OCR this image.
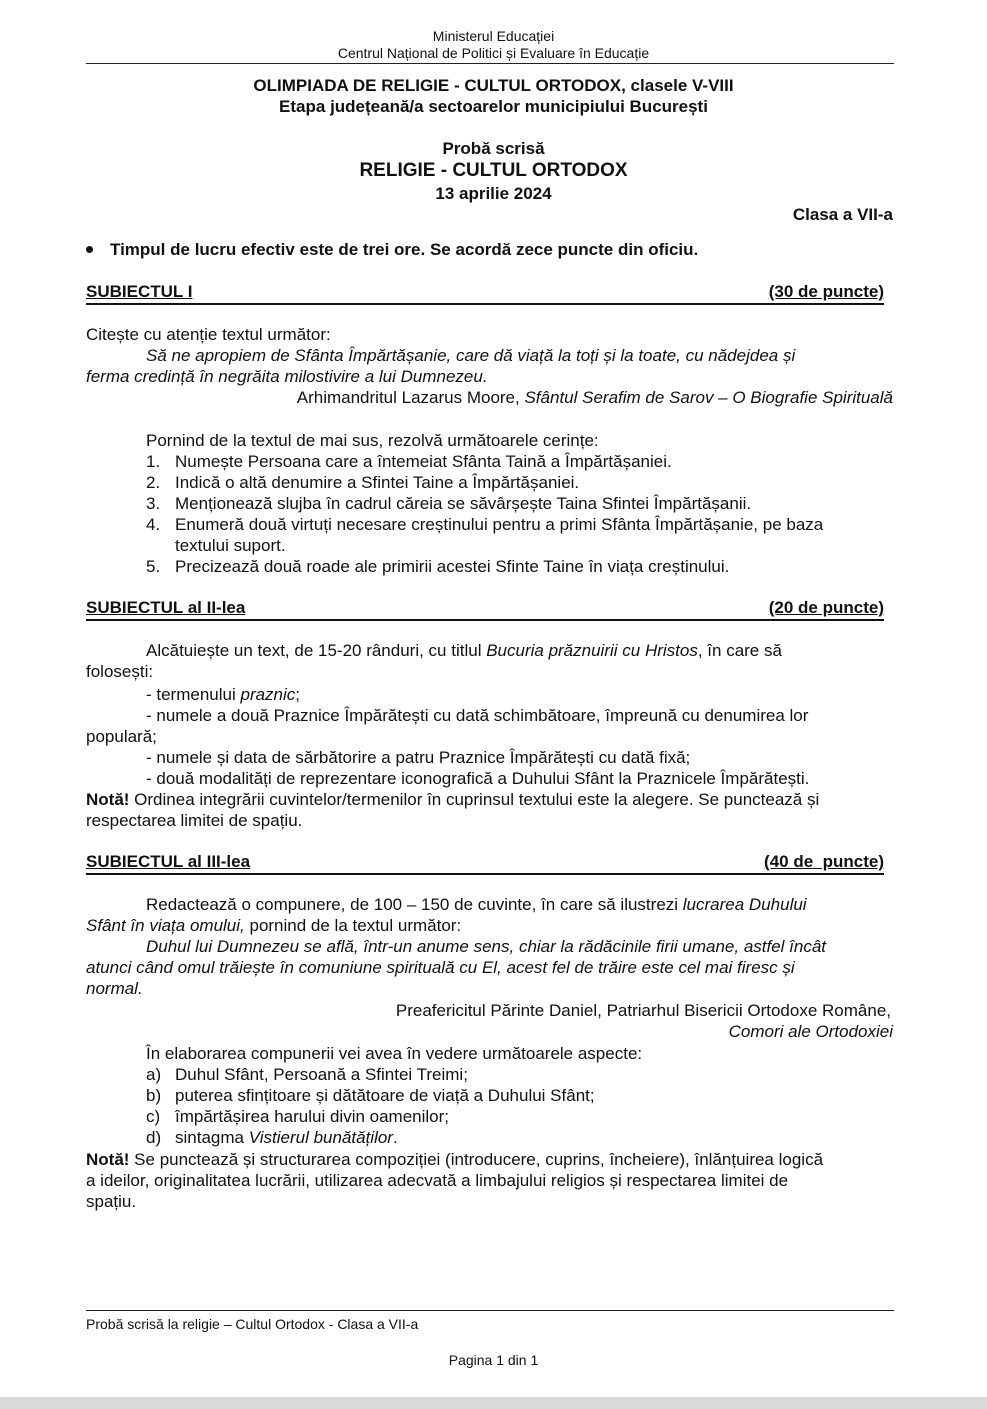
Ministerul Educației
Centrul Național de Politici și Evaluare în Educație
OLIMPIADA DE RELIGIE - CULTUL ORTODOX, clasele V-VIII
Etapa județeană/a sectoarelor municipiului București
Probă scrisă
RELIGIE - CULTUL ORTODOX
13 aprilie 2024
Clasa a VII-a
Timpul de lucru efectiv este de trei ore. Se acordă zece puncte din oficiu.
SUBIECTUL I	(30 de puncte)
Citește cu atenție textul următor:
Să ne apropiem de Sfânta Împărtășanie, care dă viață la toți și la toate, cu nădejdea și
ferma credință în negrăita milostivire a lui Dumnezeu.
Arhimandritul Lazarus Moore, Sfântul Serafim de Sarov – O Biografie Spirituală
Pornind de la textul de mai sus, rezolvă următoarele cerințe:
1. Numește Persoana care a întemeiat Sfânta Taină a Împărtășaniei.
2. Indică o altă denumire a Sfintei Taine a Împărtășaniei.
3. Menționează slujba în cadrul căreia se săvârșește Taina Sfintei Împărtășanii.
4. Enumeră două virtuți necesare creștinului pentru a primi Sfânta Împărtășanie, pe baza
textului suport.
5. Precizează două roade ale primirii acestei Sfinte Taine în viața creștinului.
SUBIECTUL al II-lea	(20 de puncte)
Alcătuiește un text, de 15-20 rânduri, cu titlul Bucuria prăznuirii cu Hristos, în care să
folosești:
- termenului praznic;
- numele a două Praznice Împărătești cu dată schimbătoare, împreună cu denumirea lor
populară;
- numele și data de sărbătorire a patru Praznice Împărătești cu dată fixă;
- două modalități de reprezentare iconografică a Duhului Sfânt la Praznicele Împărătești.
Notă! Ordinea integrării cuvintelor/termenilor în cuprinsul textului este la alegere. Se punctează și
respectarea limitei de spațiu.
SUBIECTUL al III-lea	(40 de  puncte)
Redactează o compunere, de 100 – 150 de cuvinte, în care să ilustrezi lucrarea Duhului
Sfânt în viața omului, pornind de la textul următor:
Duhul lui Dumnezeu se află, într-un anume sens, chiar la rădăcinile firii umane, astfel încât
atunci când omul trăiește în comuniune spirituală cu El, acest fel de trăire este cel mai firesc și
normal.
Preafericitul Părinte Daniel, Patriarhul Bisericii Ortodoxe Române,
Comori ale Ortodoxiei
În elaborarea compunerii vei avea în vedere următoarele aspecte:
a) Duhul Sfânt, Persoană a Sfintei Treimi;
b) puterea sfințitoare și dătătoare de viață a Duhului Sfânt;
c) împărtășirea harului divin oamenilor;
d) sintagma Vistierul bunătăților.
Notă! Se punctează și structurarea compoziției (introducere, cuprins, încheiere), înlănțuirea logică
a ideilor, originalitatea lucrării, utilizarea adecvată a limbajului religios și respectarea limitei de
spațiu.
Probă scrisă la religie – Cultul Ortodox - Clasa a VII-a
Pagina 1 din 1
